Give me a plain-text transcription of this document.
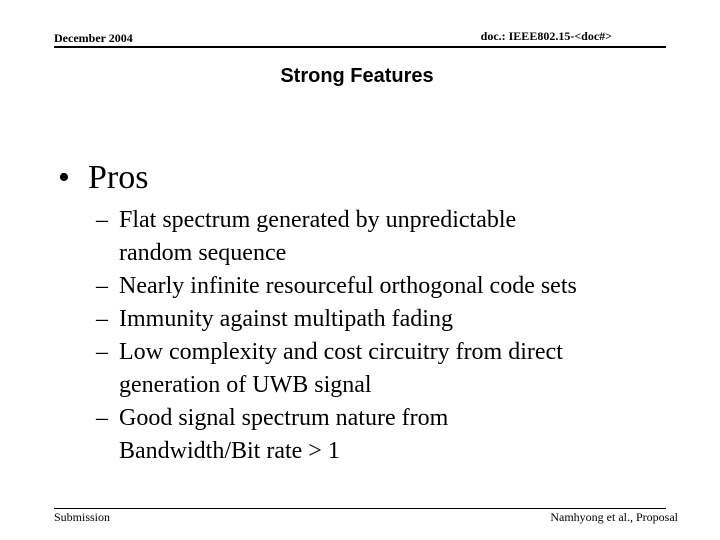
December 2004	doc.: IEEE802.15-<doc#>
Strong Features
• Pros
– Flat spectrum generated by unpredictable
random sequence
– Nearly infinite resourceful orthogonal code sets
– Immunity against multipath fading
– Low complexity and cost circuitry from direct
generation of UWB signal
– Good signal spectrum nature from
Bandwidth/Bit rate > 1
Submission	Namhyong et al., Proposal
